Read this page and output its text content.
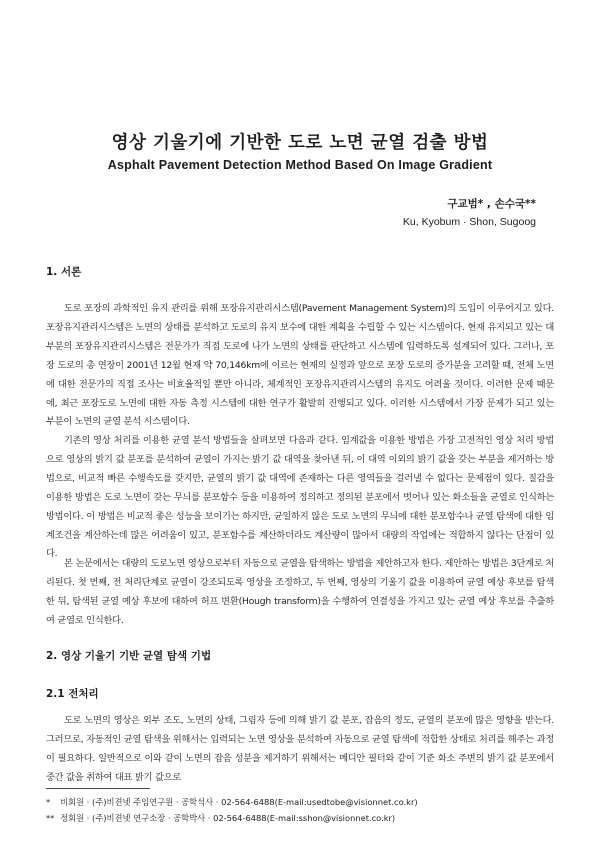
영상 기울기에 기반한 도로 노면 균열 검출 방법
Asphalt Pavement Detection Method Based On Image Gradient
구교범* , 손수국**
Ku, Kyobum · Shon, Sugoog
1. 서론

도로 포장의 과학적인 유지 관리를 위해 포장유지관리시스템(Pavement Management System)의 도입이 이루어지고 있다. 포장유지관리시스템은 노면의 상태를 분석하고 도로의 유지 보수에 대한 계획을 수립할 수 있는 시스템이다. 현재 유지되고 있는 대부분의 포장유지관리시스템은 전문가가 직접 도로에 나가 노면의 상태를 판단하고 시스템에 입력하도록 설계되어 있다. 그러나, 포장 도로의 총 연장이 2001년 12월 현재 약 70,146km에 이르는 현재의 실정과 앞으로 포장 도로의 증가분을 고려할 때, 전체 노면에 대한 전문가의 직접 조사는 비효율적일 뿐만 아니라, 체계적인 포장유지관리시스템의 유지도 어려울 것이다. 이러한 문제 때문에, 최근 포장도로 노면에 대한 자동 측정 시스템에 대한 연구가 활발히 진행되고 있다. 이러한 시스템에서 가장 문제가 되고 있는 부분이 노면의 균열 분석 시스템이다.

기존의 영상 처리를 이용한 균열 분석 방법들을 살펴보면 다음과 같다. 임계값을 이용한 방법은 가장 고전적인 영상 처리 방법으로 영상의 밝기 값 분포를 분석하여 균열이 가지는 밝기 값 대역을 찾아낸 뒤, 이 대역 이외의 밝기 값을 갖는 부분을 제거하는 방법으로, 비교적 빠른 수행속도를 갖지만, 균열의 밝기 값 대역에 존재하는 다른 영역들을 걸러낼 수 없다는 문제점이 있다. 질감을 이용한 방법은 도로 노면이 갖는 무늬를 분포함수 등을 이용하여 정의하고 정의된 분포에서 벗어나 있는 화소들을 균열로 인식하는 방법이다. 이 방법은 비교적 좋은 성능을 보이기는 하지만, 균일하지 않은 도로 노면의 무늬에 대한 분포함수나 균열 탐색에 대한 임계조건을 계산하는데 많은 어려움이 있고, 분포함수를 계산하더라도 계산량이 많아서 대량의 작업에는 적합하지 않다는 단점이 있다.

본 논문에서는 대량의 도로노면 영상으로부터 자동으로 균열을 탐색하는 방법을 제안하고자 한다. 제안하는 방법은 3단계로 처리된다. 첫 번째, 전 처리단계로 균열이 강조되도록 영상을 조정하고, 두 번째, 영상의 기울기 값을 이용하여 균열 예상 후보를 탐색한 뒤, 탐색된 균열 예상 후보에 대하여 허프 변환(Hough transform)을 수행하여 연결성을 가지고 있는 균열 예상 후보를 추출하여 균열로 인식한다.

2. 영상 기울기 기반 균열 탐색 기법
2.1 전처리

도로 노면의 영상은 외부 조도, 노면의 상태, 그림자 등에 의해 밝기 값 분포, 잡음의 정도, 균열의 분포에 많은 영향을 받는다. 그러므로, 자동적인 균열 탐색을 위해서는 입력되는 노면 영상을 분석하여 자동으로 균열 탐색에 적합한 상태로 처리를 해주는 과정이 필요하다. 일반적으로 이와 같이 노면의 잡음 성분을 제거하기 위해서는 메디안 필터와 같이 기준 화소 주변의 밝기 값 분포에서 중간 값을 취하여 대표 밝기 값으로

* 비회원 · (주)비젼넷 주임연구원 · 공학석사 · 02-564-6488(E-mail:usedtobe@visionnet.co.kr)
** 정회원 · (주)비젼넷 연구소장 · 공학박사 · 02-564-6488(E-mail:sshon@visionnet.co.kr)
